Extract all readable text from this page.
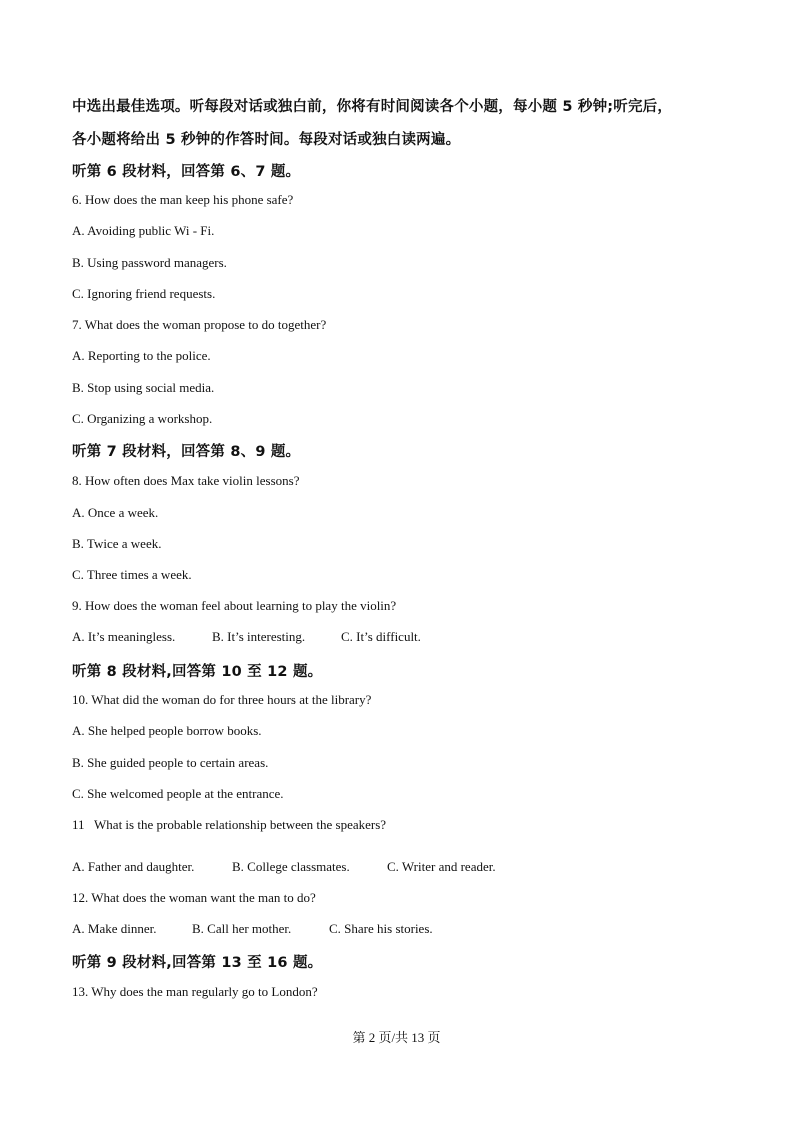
中选出最佳选项。听每段对话或独白前，你将有时间阅读各个小题，每小题 5 秒钟;听完后，
各小题将给出 5 秒钟的作答时间。每段对话或独白读两遍。
听第 6 段材料，回答第 6、7 题。
6. How does the man keep his phone safe?
A. Avoiding public Wi - Fi.
B. Using password managers.
C. Ignoring friend requests.
7. What does the woman propose to do together?
A. Reporting to the police.
B. Stop using social media.
C. Organizing a workshop.
听第 7 段材料，回答第 8、9 题。
8. How often does Max take violin lessons?
A. Once a week.
B. Twice a week.
C. Three times a week.
9. How does the woman feel about learning to play the violin?
A. It’s meaningless.	B. It’s interesting.	C. It’s difficult.
听第 8 段材料,回答第 10 至 12 题。
10. What did the woman do for three hours at the library?
A. She helped people borrow books.
B. She guided people to certain areas.
C. She welcomed people at the entrance.
11   What is the probable relationship between the speakers?
A. Father and daughter.	B. College classmates.	C. Writer and reader.
12. What does the woman want the man to do?
A. Make dinner.	B. Call her mother.	C. Share his stories.
听第 9 段材料,回答第 13 至 16 题。
13. Why does the man regularly go to London?
第 2 页/共 13 页
